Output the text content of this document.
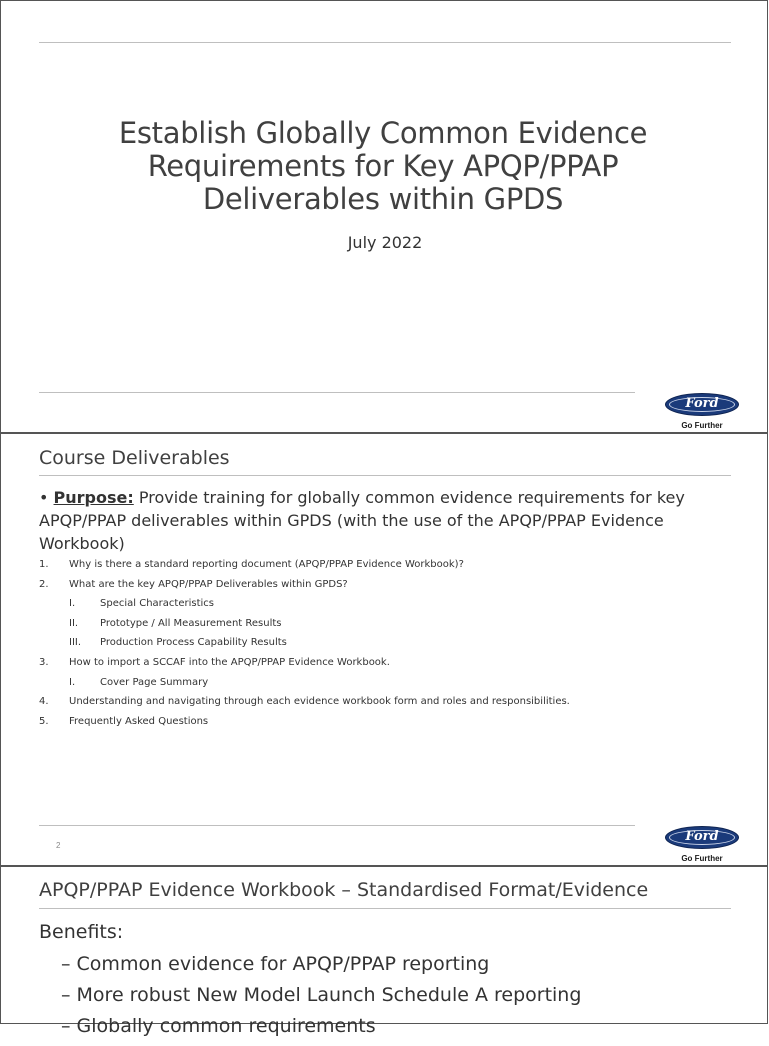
Establish Globally Common Evidence Requirements for Key APQP/PPAP Deliverables within GPDS
July 2022
Ford
Go Further
Course Deliverables
• Purpose: Provide training for globally common evidence requirements for key APQP/PPAP deliverables within GPDS (with the use of the APQP/PPAP Evidence Workbook)
1. Why is there a standard reporting document (APQP/PPAP Evidence Workbook)?
2. What are the key APQP/PPAP Deliverables within GPDS?
I. Special Characteristics
II. Prototype / All Measurement Results
III. Production Process Capability Results
3. How to import a SCCAF into the APQP/PPAP Evidence Workbook.
I. Cover Page Summary
4. Understanding and navigating through each evidence workbook form and roles and responsibilities.
5. Frequently Asked Questions
2
Ford
Go Further
APQP/PPAP Evidence Workbook – Standardised Format/Evidence
Benefits:
– Common evidence for APQP/PPAP reporting
– More robust New Model Launch Schedule A reporting
– Globally common requirements
